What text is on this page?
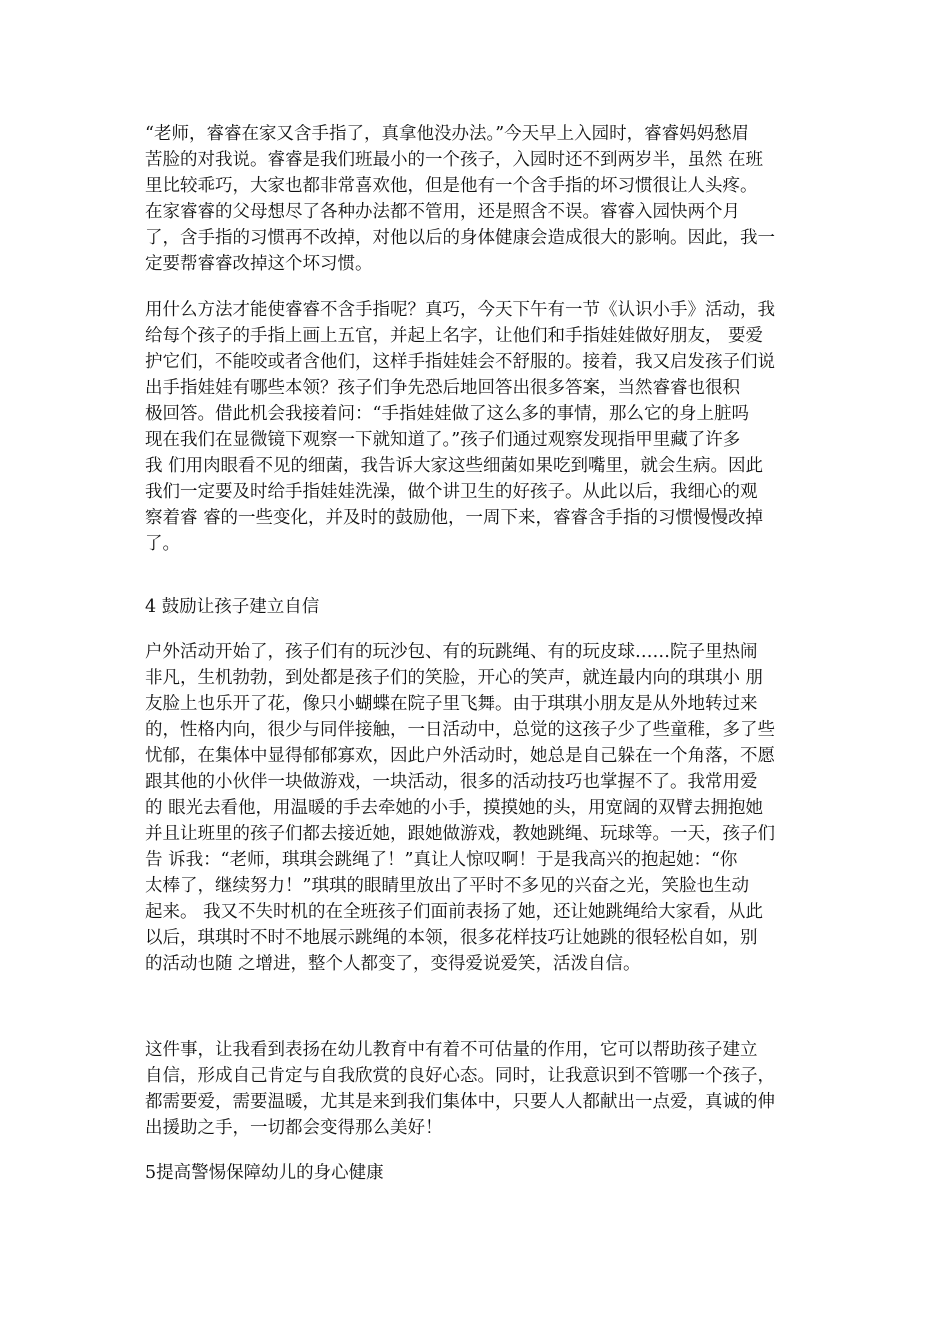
“老师，睿睿在家又含手指了，真拿他没办法。”今天早上入园时，睿睿妈妈愁眉
苦脸的对我说。睿睿是我们班最小的一个孩子，入园时还不到两岁半，虽然 在班
里比较乖巧，大家也都非常喜欢他，但是他有一个含手指的坏习惯很让人头疼。
在家睿睿的父母想尽了各种办法都不管用，还是照含不误。睿睿入园快两个月
了，含手指的习惯再不改掉，对他以后的身体健康会造成很大的影响。因此，我一
定要帮睿睿改掉这个坏习惯。
用什么方法才能使睿睿不含手指呢？真巧，今天下午有一节《认识小手》活动，我
给每个孩子的手指上画上五官，并起上名字，让他们和手指娃娃做好朋友， 要爱
护它们，不能咬或者含他们，这样手指娃娃会不舒服的。接着，我又启发孩子们说
出手指娃娃有哪些本领？孩子们争先恐后地回答出很多答案，当然睿睿也很积
极回答。借此机会我接着问：“手指娃娃做了这么多的事情，那么它的身上脏吗
现在我们在显微镜下观察一下就知道了。”孩子们通过观察发现指甲里藏了许多
我 们用肉眼看不见的细菌，我告诉大家这些细菌如果吃到嘴里，就会生病。因此
我们一定要及时给手指娃娃洗澡，做个讲卫生的好孩子。从此以后，我细心的观
察着睿 睿的一些变化，并及时的鼓励他，一周下来，睿睿含手指的习惯慢慢改掉
了。
4 鼓励让孩子建立自信
户外活动开始了，孩子们有的玩沙包、有的玩跳绳、有的玩皮球……院子里热闹
非凡，生机勃勃，到处都是孩子们的笑脸，开心的笑声，就连最内向的琪琪小 朋
友脸上也乐开了花，像只小蝴蝶在院子里飞舞。由于琪琪小朋友是从外地转过来
的，性格内向，很少与同伴接触，一日活动中，总觉的这孩子少了些童稚，多了些
忧郁，在集体中显得郁郁寡欢，因此户外活动时，她总是自己躲在一个角落，不愿
跟其他的小伙伴一块做游戏，一块活动，很多的活动技巧也掌握不了。我常用爱
的 眼光去看他，用温暖的手去牵她的小手，摸摸她的头，用宽阔的双臂去拥抱她
并且让班里的孩子们都去接近她，跟她做游戏，教她跳绳、玩球等。一天，孩子们
告 诉我：“老师，琪琪会跳绳了！”真让人惊叹啊！于是我高兴的抱起她：“你
太棒了，继续努力！”琪琪的眼睛里放出了平时不多见的兴奋之光，笑脸也生动
起来。 我又不失时机的在全班孩子们面前表扬了她，还让她跳绳给大家看，从此
以后，琪琪时不时不地展示跳绳的本领，很多花样技巧让她跳的很轻松自如，别
的活动也随 之增进，整个人都变了，变得爱说爱笑，活泼自信。
这件事，让我看到表扬在幼儿教育中有着不可估量的作用，它可以帮助孩子建立
自信，形成自己肯定与自我欣赏的良好心态。同时，让我意识到不管哪一个孩子，
都需要爱，需要温暖，尤其是来到我们集体中，只要人人都献出一点爱，真诚的伸
出援助之手，一切都会变得那么美好！
5提高警惕保障幼儿的身心健康
